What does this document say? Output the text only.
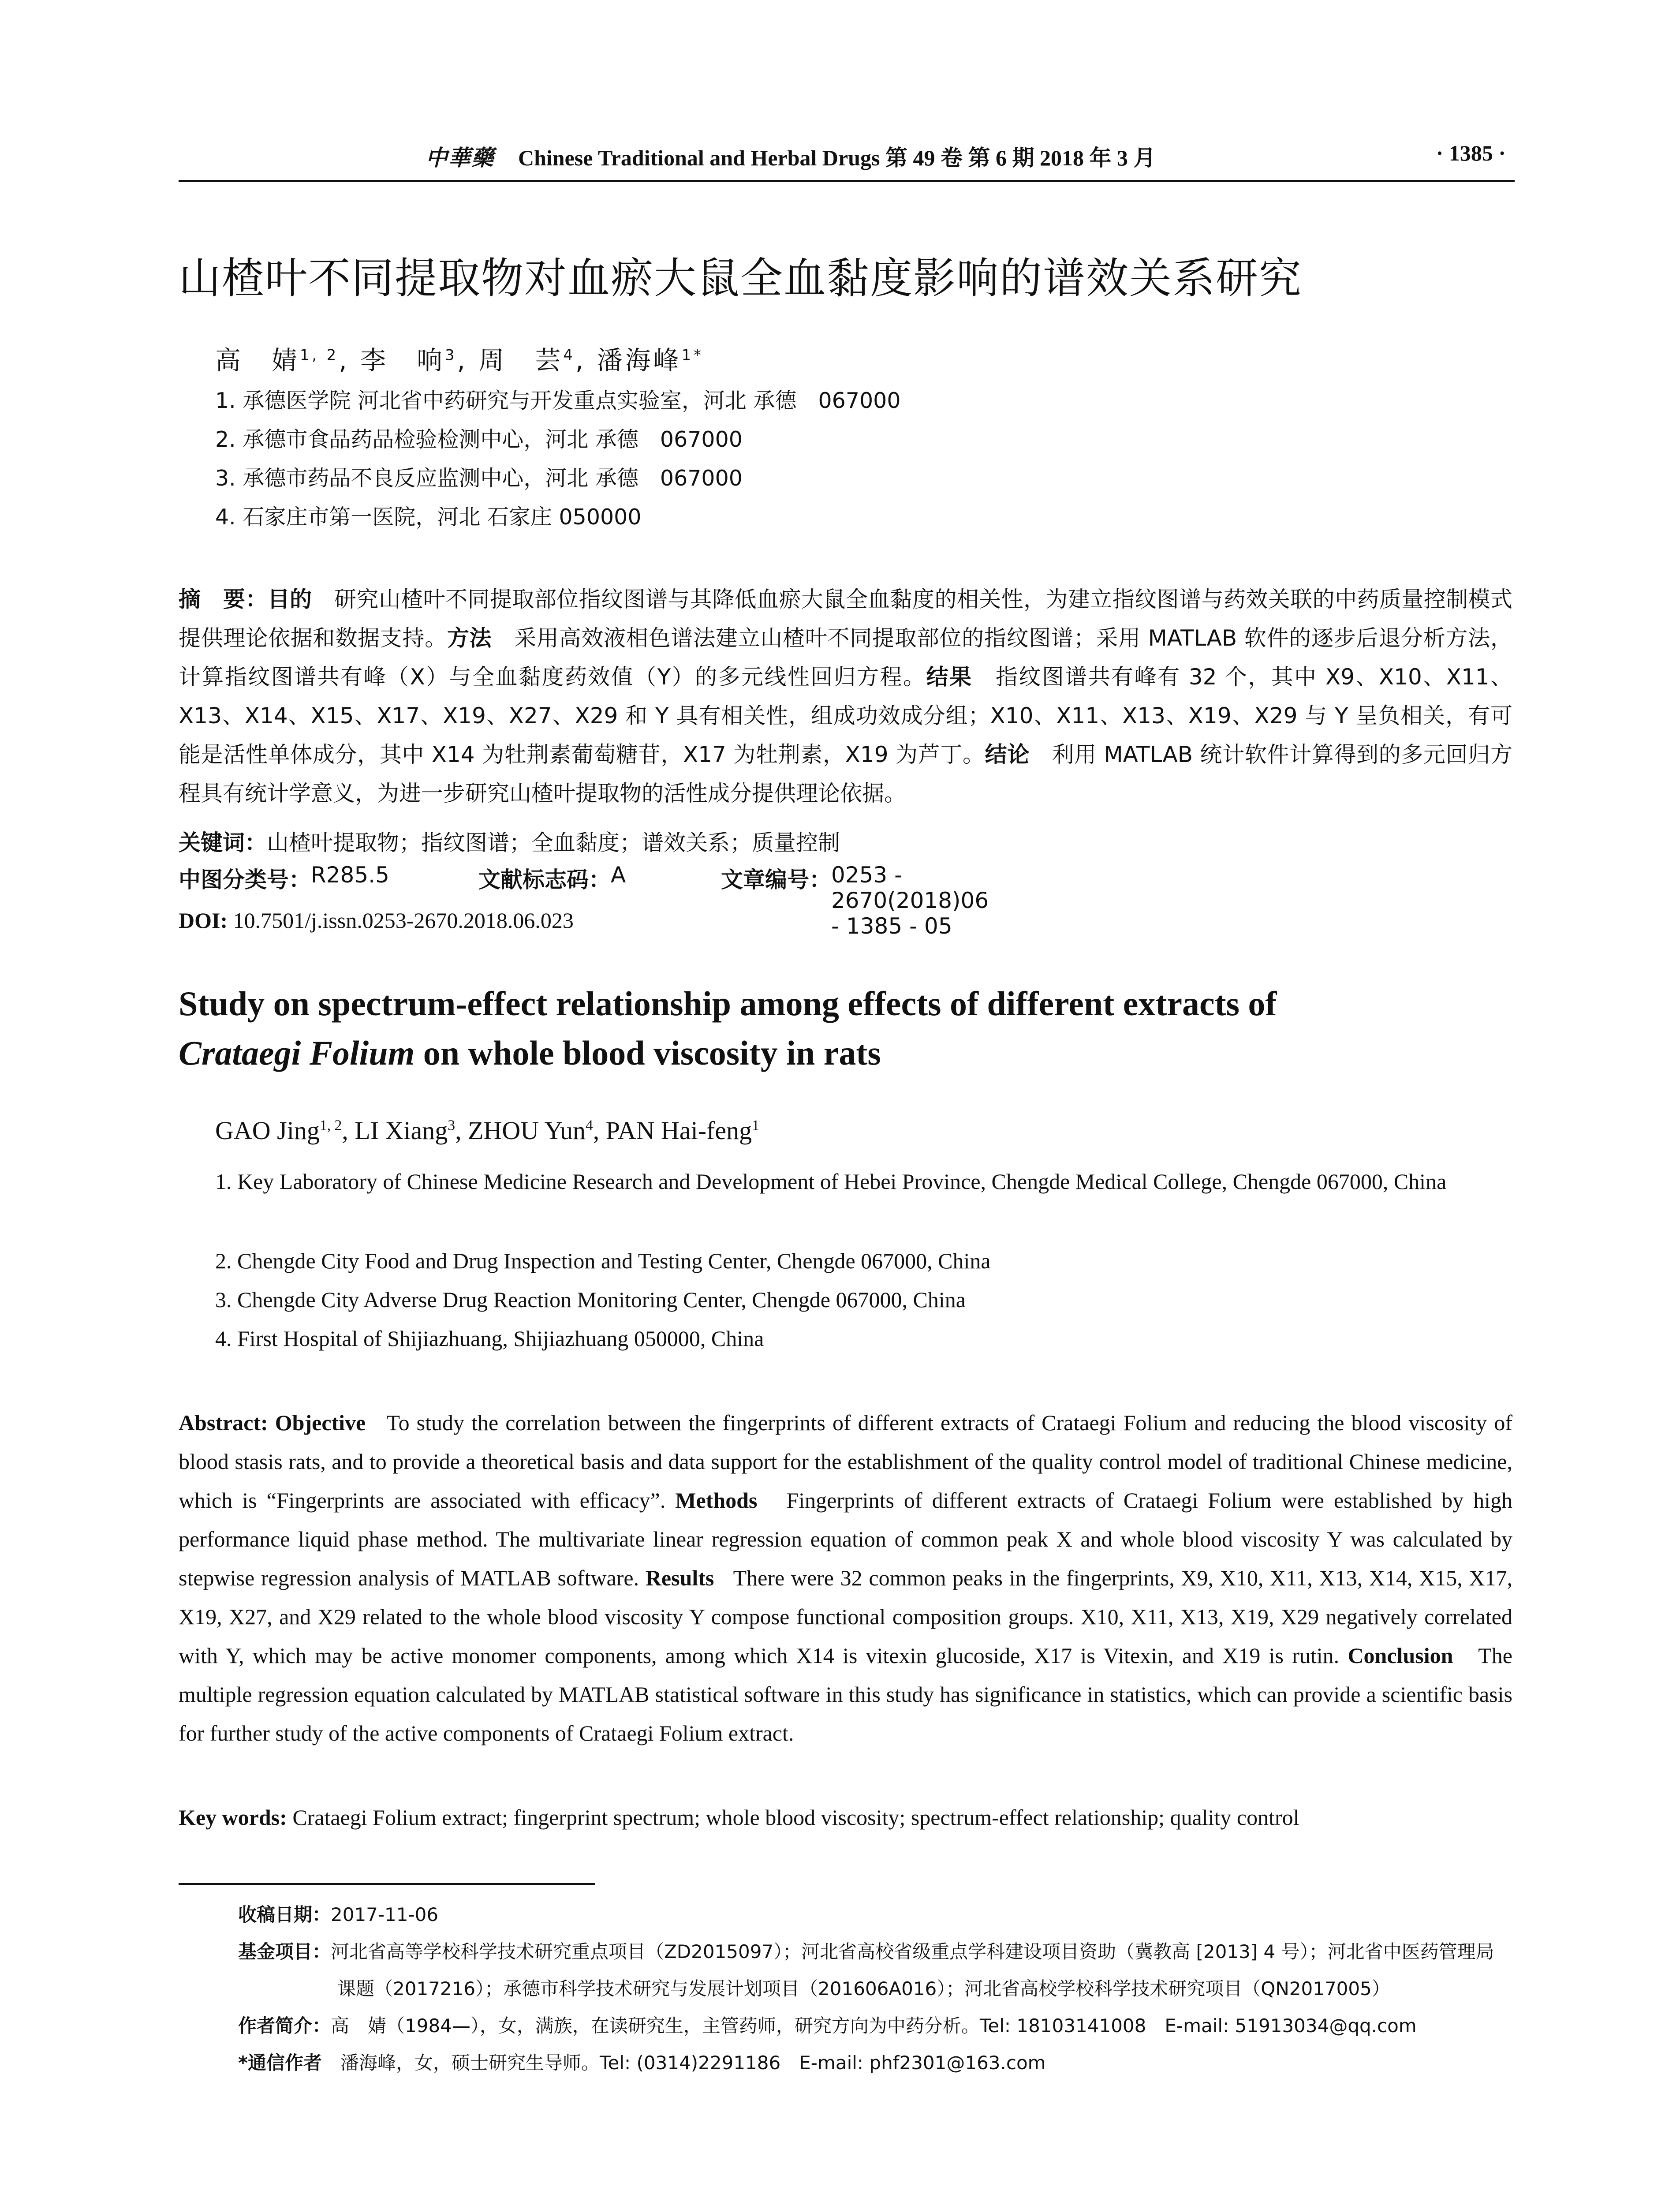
中華藥 Chinese Traditional and Herbal Drugs 第 49 卷 第 6 期 2018 年 3 月	· 1385 ·
山楂叶不同提取物对血瘀大鼠全血黏度影响的谱效关系研究
高　婧$^{1, 2}$, 李　响$^3$, 周　芸$^4$, 潘海峰$^{1*}$
1. 承德医学院 河北省中药研究与开发重点实验室，河北 承德　067000
2. 承德市食品药品检验检测中心，河北 承德　067000
3. 承德市药品不良反应监测中心，河北 承德　067000
4. 石家庄市第一医院，河北 石家庄 050000
摘　要：目的　 研究山楂叶不同提取部位指纹图谱与其降低血瘀大鼠全血黏度的相关性，为建立指纹图谱与药效关联的中药质量控制模式提供理论依据和数据支持。方法　 采用高效液相色谱法建立山楂叶不同提取部位的指纹图谱；采用 MATLAB 软件的逐步后退分析方法，计算指纹图谱共有峰（X）与全血黏度药效值（Y）的多元线性回归方程。结果　 指纹图谱共有峰有 32 个，其中 X9、X10、X11、X13、X14、X15、X17、X19、X27、X29 和 Y 具有相关性，组成功效成分组；X10、X11、X13、X19、X29 与 Y 呈负相关，有可能是活性单体成分，其中 X14 为牡荆素葡萄糖苷，X17 为牡荆素，X19 为芦丁。结论　 利用 MATLAB 统计软件计算得到的多元回归方程具有统计学意义，为进一步研究山楂叶提取物的活性成分提供理论依据。
关键词：山楂叶提取物；指纹图谱；全血黏度；谱效关系；质量控制
中图分类号： R285.5	文献标志码： A	文章编号： 0253 - 2670(2018)06 - 1385 - 05
DOI: 10.7501/j.issn.0253-2670.2018.06.023
Study on spectrum-effect relationship among effects of different extracts of
Crataegi Folium on whole blood viscosity in rats
GAO Jing$^{1, 2}$, LI Xiang$^3$, ZHOU Yun$^4$, PAN Hai-feng$^1$
1. Key Laboratory of Chinese Medicine Research and Development of Hebei Province, Chengde Medical College, Chengde 067000, China
2. Chengde City Food and Drug Inspection and Testing Center, Chengde 067000, China
3. Chengde City Adverse Drug Reaction Monitoring Center, Chengde 067000, China
4. First Hospital of Shijiazhuang, Shijiazhuang 050000, China
Abstract: Objective To study the correlation between the fingerprints of different extracts of Crataegi Folium and reducing the blood viscosity of blood stasis rats, and to provide a theoretical basis and data support for the establishment of the quality control model of traditional Chinese medicine, which is “Fingerprints are associated with efficacy”. Methods Fingerprints of different extracts of Crataegi Folium were established by high performance liquid phase method. The multivariate linear regression equation of common peak X and whole blood viscosity Y was calculated by stepwise regression analysis of MATLAB software. Results There were 32 common peaks in the fingerprints, X9, X10, X11, X13, X14, X15, X17, X19, X27, and X29 related to the whole blood viscosity Y compose functional composition groups. X10, X11, X13, X19, X29 negatively correlated with Y, which may be active monomer components, among which X14 is vitexin glucoside, X17 is Vitexin, and X19 is rutin. Conclusion The multiple regression equation calculated by MATLAB statistical software in this study has significance in statistics, which can provide a scientific basis for further study of the active components of Crataegi Folium extract.
Key words: Crataegi Folium extract; fingerprint spectrum; whole blood viscosity; spectrum-effect relationship; quality control
收稿日期：2017-11-06
基金项目：河北省高等学校科学技术研究重点项目（ZD2015097）；河北省高校省级重点学科建设项目资助（冀教高 [2013] 4 号）；河北省中医药管理局课题（2017216）；承德市科学技术研究与发展计划项目（201606A016）；河北省高校学校科学技术研究项目（QN2017005）
作者简介：高　婧（1984—），女，满族，在读研究生，主管药师，研究方向为中药分析。Tel: 18103141008　E-mail: 51913034@qq.com
*通信作者　 潘海峰，女，硕士研究生导师。Tel: (0314)2291186　E-mail: phf2301@163.com
